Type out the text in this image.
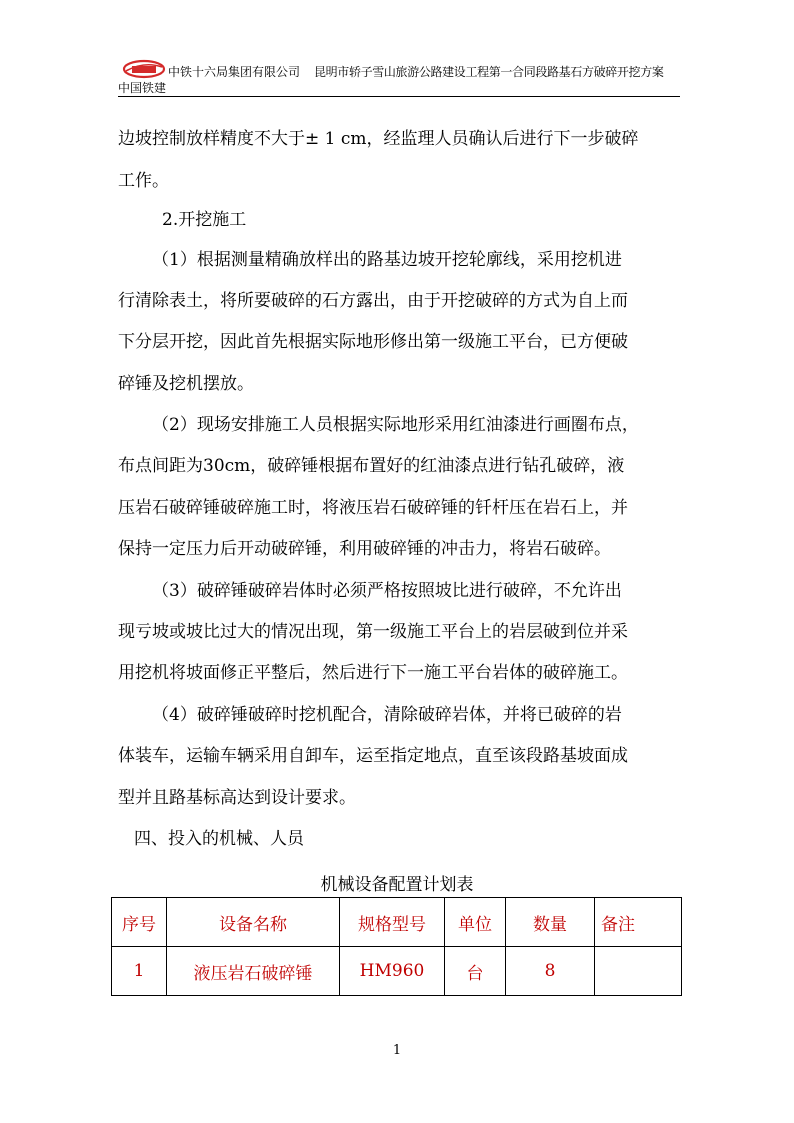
中铁十六局集团有限公司 昆明市轿子雪山旅游公路建设工程第一合同段路基石方破碎开挖方案
中国铁建
边坡控制放样精度不大于± 1 cm，经监理人员确认后进行下一步破碎
工作。
2.开挖施工
（1）根据测量精确放样出的路基边坡开挖轮廓线，采用挖机进
行清除表土，将所要破碎的石方露出，由于开挖破碎的方式为自上而
下分层开挖，因此首先根据实际地形修出第一级施工平台，已方便破
碎锤及挖机摆放。
（2）现场安排施工人员根据实际地形采用红油漆进行画圈布点，
布点间距为30cm，破碎锤根据布置好的红油漆点进行钻孔破碎，液
压岩石破碎锤破碎施工时，将液压岩石破碎锤的钎杆压在岩石上，并
保持一定压力后开动破碎锤，利用破碎锤的冲击力，将岩石破碎。
（3）破碎锤破碎岩体时必须严格按照坡比进行破碎，不允许出
现亏坡或坡比过大的情况出现，第一级施工平台上的岩层破到位并采
用挖机将坡面修正平整后，然后进行下一施工平台岩体的破碎施工。
（4）破碎锤破碎时挖机配合，清除破碎岩体，并将已破碎的岩
体装车，运输车辆采用自卸车，运至指定地点，直至该段路基坡面成
型并且路基标高达到设计要求。
四、投入的机械、人员
机械设备配置计划表
序号	设备名称	规格型号	单位	数量	备注
1	液压岩石破碎锤	HM960	台	8	
1
